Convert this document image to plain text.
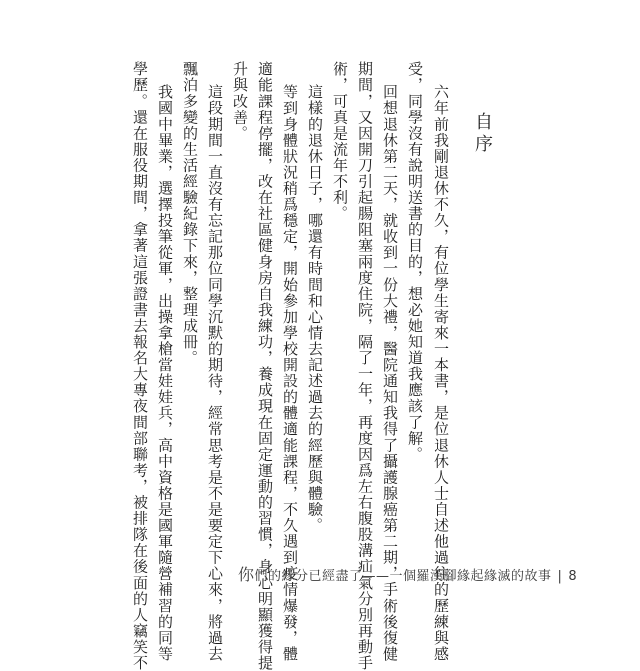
自序
六年前我剛退休不久，有位學生寄來一本書，是位退休人士自述他過往的歷練與感
受，同學沒有說明送書的目的，想必她知道我應該了解。
回想退休第二天，就收到一份大禮，醫院通知我得了攝護腺癌第二期，手術後復健
期間，又因開刀引起腸阻塞兩度住院，隔了一年，再度因爲左右腹股溝疝氣分別再動手
術，可真是流年不利。
這樣的退休日子，哪還有時間和心情去記述過去的經歷與體驗。
等到身體狀況稍爲穩定，開始參加學校開設的體適能課程，不久遇到疫情爆發，體
適能課程停擺，改在社區健身房自我練功，養成現在固定運動的習慣，身心明顯獲得提
升與改善。
這段期間一直沒有忘記那位同學沉默的期待，經常思考是不是要定下心來，將過去
飄泊多變的生活經驗紀錄下來，整理成冊。
我國中畢業，選擇投筆從軍，出操拿槍當娃娃兵，高中資格是國軍隨營補習的同等
學歷。還在服役期間，拿著這張證書去報名大專夜間部聯考，被排隊在後面的人竊笑不	你們的緣分已經盡了——一個羅漢腳緣起緣滅的故事 | 8
